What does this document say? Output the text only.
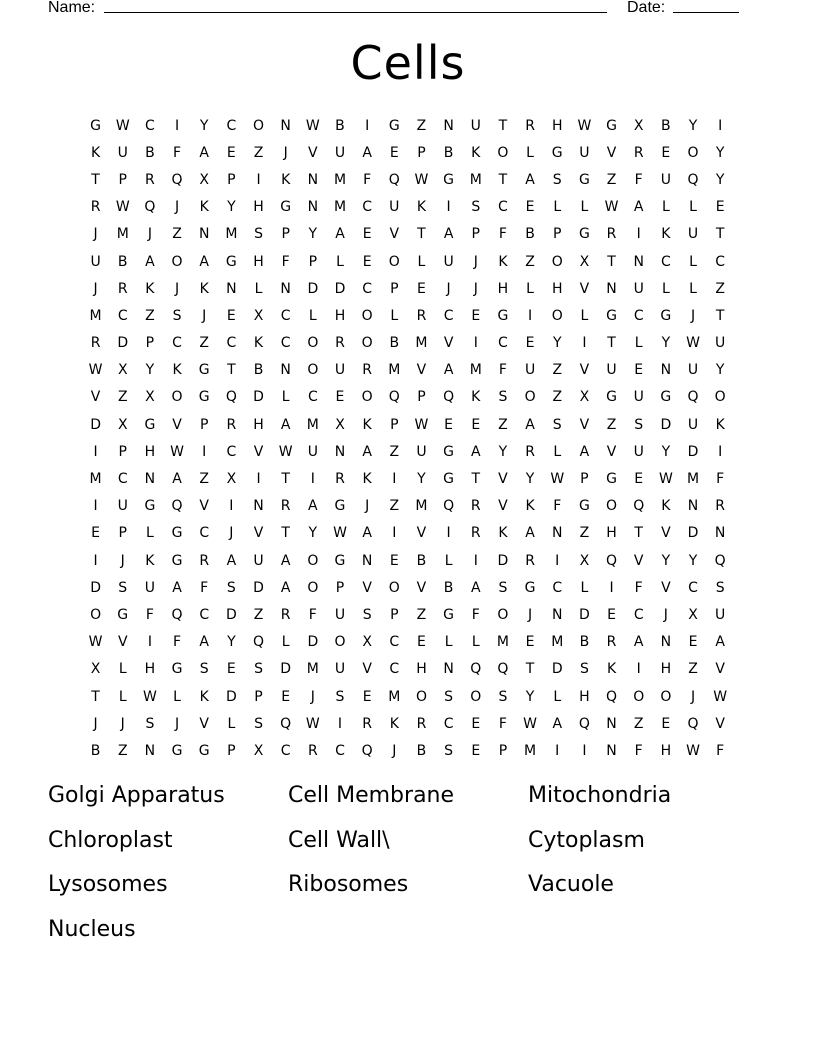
Name:	Date:
Cells
G	W	C	I	Y	C	O	N	W	B	I	G	Z	N	U	T	R	H	W	G	X	B	Y	I
K	U	B	F	A	E	Z	J	V	U	A	E	P	B	K	O	L	G	U	V	R	E	O	Y
T	P	R	Q	X	P	I	K	N	M	F	Q	W	G	M	T	A	S	G	Z	F	U	Q	Y
R	W	Q	J	K	Y	H	G	N	M	C	U	K	I	S	C	E	L	L	W	A	L	L	E
J	M	J	Z	N	M	S	P	Y	A	E	V	T	A	P	F	B	P	G	R	I	K	U	T
U	B	A	O	A	G	H	F	P	L	E	O	L	U	J	K	Z	O	X	T	N	C	L	C
J	R	K	J	K	N	L	N	D	D	C	P	E	J	J	H	L	H	V	N	U	L	L	Z
M	C	Z	S	J	E	X	C	L	H	O	L	R	C	E	G	I	O	L	G	C	G	J	T
R	D	P	C	Z	C	K	C	O	R	O	B	M	V	I	C	E	Y	I	T	L	Y	W	U
W	X	Y	K	G	T	B	N	O	U	R	M	V	A	M	F	U	Z	V	U	E	N	U	Y
V	Z	X	O	G	Q	D	L	C	E	O	Q	P	Q	K	S	O	Z	X	G	U	G	Q	O
D	X	G	V	P	R	H	A	M	X	K	P	W	E	E	Z	A	S	V	Z	S	D	U	K
I	P	H	W	I	C	V	W	U	N	A	Z	U	G	A	Y	R	L	A	V	U	Y	D	I
M	C	N	A	Z	X	I	T	I	R	K	I	Y	G	T	V	Y	W	P	G	E	W	M	F
I	U	G	Q	V	I	N	R	A	G	J	Z	M	Q	R	V	K	F	G	O	Q	K	N	R
E	P	L	G	C	J	V	T	Y	W	A	I	V	I	R	K	A	N	Z	H	T	V	D	N
I	J	K	G	R	A	U	A	O	G	N	E	B	L	I	D	R	I	X	Q	V	Y	Y	Q
D	S	U	A	F	S	D	A	O	P	V	O	V	B	A	S	G	C	L	I	F	V	C	S
O	G	F	Q	C	D	Z	R	F	U	S	P	Z	G	F	O	J	N	D	E	C	J	X	U
W	V	I	F	A	Y	Q	L	D	O	X	C	E	L	L	M	E	M	B	R	A	N	E	A
X	L	H	G	S	E	S	D	M	U	V	C	H	N	Q	Q	T	D	S	K	I	H	Z	V
T	L	W	L	K	D	P	E	J	S	E	M	O	S	O	S	Y	L	H	Q	O	O	J	W
J	J	S	J	V	L	S	Q	W	I	R	K	R	C	E	F	W	A	Q	N	Z	E	Q	V
B	Z	N	G	G	P	X	C	R	C	Q	J	B	S	E	P	M	I	I	N	F	H	W	F
Golgi Apparatus	Cell Membrane	Mitochondria
Chloroplast	Cell Wall\	Cytoplasm
Lysosomes	Ribosomes	Vacuole
Nucleus
